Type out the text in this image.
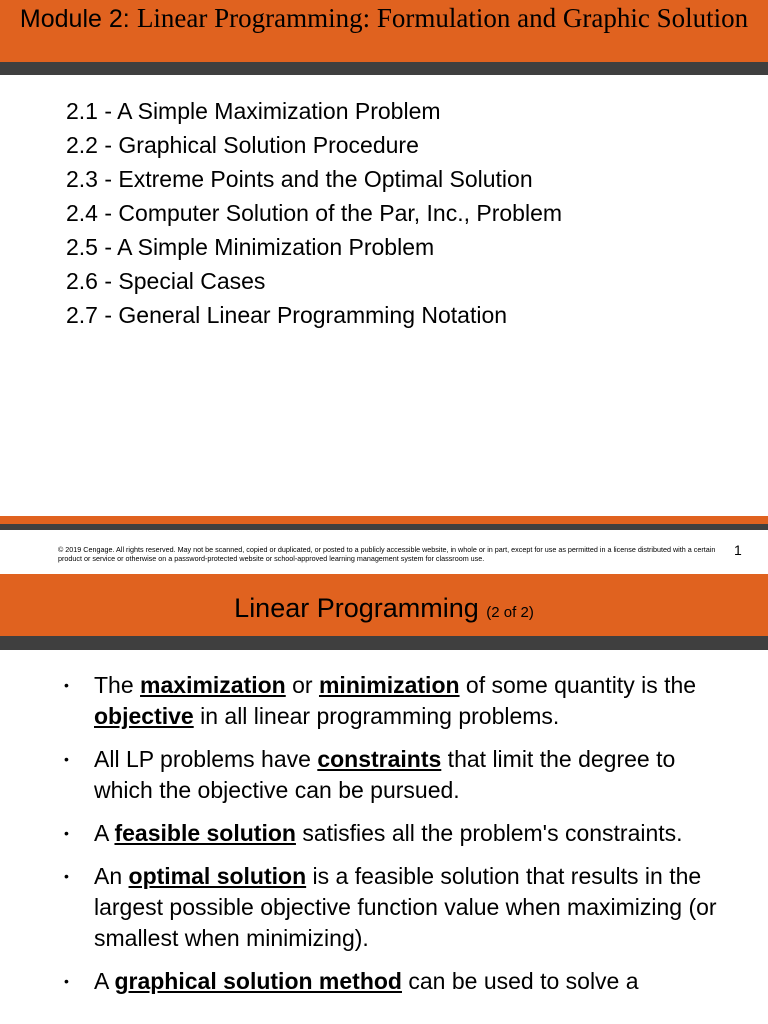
Module 2: Linear Programming: Formulation and Graphic Solution
2.1 - A Simple Maximization Problem
2.2 - Graphical Solution Procedure
2.3 - Extreme Points and the Optimal Solution
2.4 - Computer Solution of the Par, Inc., Problem
2.5 - A Simple Minimization Problem
2.6 - Special Cases
2.7 - General Linear Programming Notation
© 2019 Cengage. All rights reserved. May not be scanned, copied or duplicated, or posted to a publicly accessible website, in whole or in part, except for use as permitted in a license distributed with a certain product or service or otherwise on a password-protected website or school-approved learning management system for classroom use.
1
Linear Programming (2 of 2)
• The maximization or minimization of some quantity is the objective in all linear programming problems.
• All LP problems have constraints that limit the degree to which the objective can be pursued.
• A feasible solution satisfies all the problem's constraints.
• An optimal solution is a feasible solution that results in the largest possible objective function value when maximizing (or smallest when minimizing).
• A graphical solution method can be used to solve a
